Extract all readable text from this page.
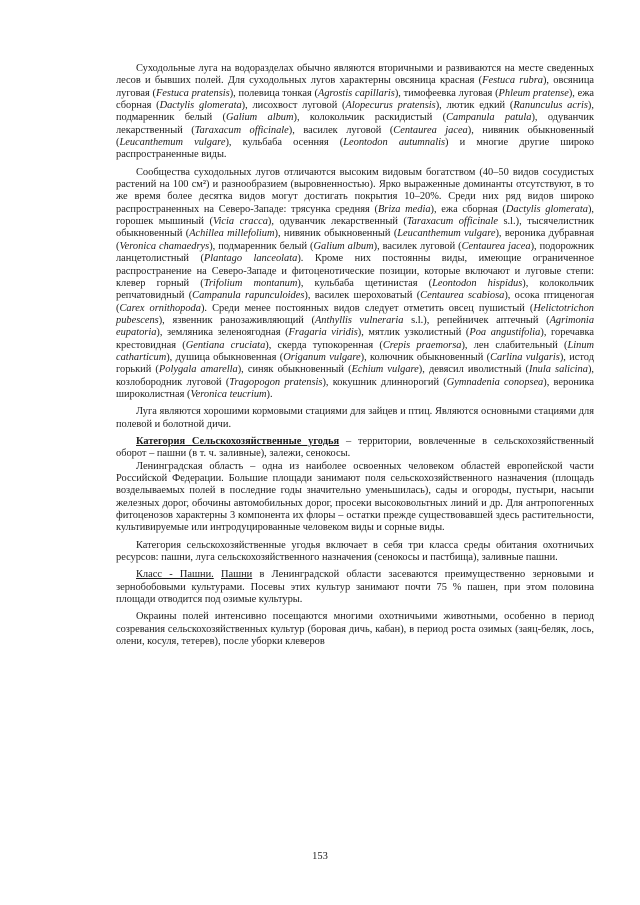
Суходольные луга на водоразделах обычно являются вторичными и развиваются на месте сведенных лесов и бывших полей. Для суходольных лугов характерны овсяница красная (Festuca rubra), овсяница луговая (Festuca pratensis), полевица тонкая (Agrostis capillaris), тимофеевка луговая (Phleum pratense), ежа сборная (Dactylis glomerata), лисохвост луговой (Alopecurus pratensis), лютик едкий (Ranunculus acris), подмаренник белый (Galium album), колокольчик раскидистый (Campanula patula), одуванчик лекарственный (Taraxacum officinale), василек луговой (Centaurea jacea), нивяник обыкновенный (Leucanthemum vulgare), кульбаба осенняя (Leontodon autumnalis) и многие другие широко распространенные виды.

Сообщества суходольных лугов отличаются высоким видовым богатством (40–50 видов сосудистых растений на 100 см²) и разнообразием (выровненностью). Ярко выраженные доминанты отсутствуют, в то же время более десятка видов могут достигать покрытия 10–20%. Среди них ряд видов широко распространенных на Северо-Западе: трясунка средняя (Briza media), ежа сборная (Dactylis glomerata), горошек мышиный (Vicia cracca), одуванчик лекарственный (Taraxacum officinale s.l.), тысячелистник обыкновенный (Achillea millefolium), нивяник обыкновенный (Leucanthemum vulgare), вероника дубравная (Veronica chamaedrys), подмаренник белый (Galium album), василек луговой (Centaurea jacea), подорожник ланцетолистный (Plantago lanceolata). Кроме них постоянны виды, имеющие ограниченное распространение на Северо-Западе и фитоценотические позиции, которые включают и луговые степи: клевер горный (Trifolium montanum), кульбаба щетинистая (Leontodon hispidus), колокольчик репчатовидный (Campanula rapunculoides), василек шероховатый (Centaurea scabiosa), осока птиценогая (Carex ornithopoda). Среди менее постоянных видов следует отметить овсец пушистый (Helictotrichon pubescens), язвенник ранозаживляющий (Anthyllis vulneraria s.l.), репейничек аптечный (Agrimonia eupatoria), земляника зеленоягодная (Fragaria viridis), мятлик узколистный (Poa angustifolia), горечавка крестовидная (Gentiana cruciata), скерда тупокоренная (Crepis praemorsa), лен слабительный (Linum catharticum), душица обыкновенная (Origanum vulgare), колючник обыкновенный (Carlina vulgaris), истод горький (Polygala amarella), синяк обыкновенный (Echium vulgare), девясил иволистный (Inula salicina), козлобородник луговой (Tragopogon pratensis), кокушник длиннорогий (Gymnadenia conopsea), вероника широколистная (Veronica teucrium).

Луга являются хорошими кормовыми стациями для зайцев и птиц. Являются основными стациями для полевой и болотной дичи.

Категория Сельскохозяйственные угодья – территории, вовлеченные в сельскохозяйственный оборот – пашни (в т. ч. заливные), залежи, сенокосы.

Ленинградская область – одна из наиболее освоенных человеком областей европейской части Российской Федерации. Большие площади занимают поля сельскохозяйственного назначения (площадь возделываемых полей в последние годы значительно уменьшилась), сады и огороды, пустыри, насыпи железных дорог, обочины автомобильных дорог, просеки высоковольтных линий и др. Для антропогенных фитоценозов характерны 3 компонента их флоры – остатки прежде существовавшей здесь растительности, культивируемые или интродуцированные человеком виды и сорные виды.

Категория сельскохозяйственные угодья включает в себя три класса среды обитания охотничьих ресурсов: пашни, луга сельскохозяйственного назначения (сенокосы и пастбища), заливные пашни.

Класс - Пашни. Пашни в Ленинградской области засеваются преимущественно зерновыми и зернобобовыми культурами. Посевы этих культур занимают почти 75 % пашен, при этом половина площади отводится под озимые культуры.

Окраины полей интенсивно посещаются многими охотничьими животными, особенно в период созревания сельскохозяйственных культур (боровая дичь, кабан), в период роста озимых (заяц-беляк, лось, олени, косуля, тетерев), после уборки клеверов

153
